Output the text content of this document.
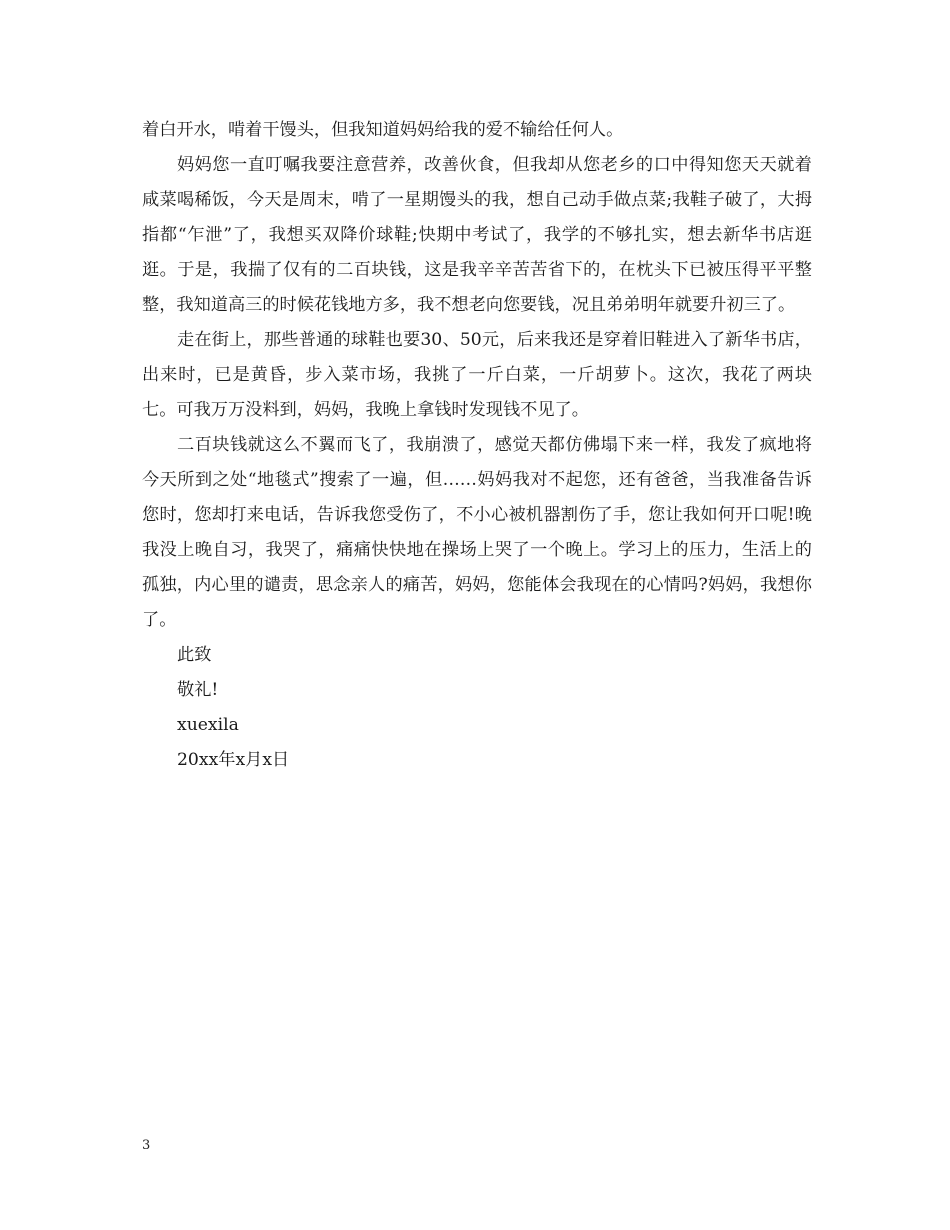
着白开水，啃着干馒头，但我知道妈妈给我的爱不输给任何人。

妈妈您一直叮嘱我要注意营养，改善伙食，但我却从您老乡的口中得知您天天就着咸菜喝稀饭，今天是周末，啃了一星期馒头的我，想自己动手做点菜;我鞋子破了，大拇指都“乍泄”了，我想买双降价球鞋;快期中考试了，我学的不够扎实，想去新华书店逛逛。于是，我揣了仅有的二百块钱，这是我辛辛苦苦省下的，在枕头下已被压得平平整整，我知道高三的时候花钱地方多，我不想老向您要钱，况且弟弟明年就要升初三了。

走在街上，那些普通的球鞋也要30、50元，后来我还是穿着旧鞋进入了新华书店，出来时，已是黄昏，步入菜市场，我挑了一斤白菜，一斤胡萝卜。这次，我花了两块七。可我万万没料到，妈妈，我晚上拿钱时发现钱不见了。

二百块钱就这么不翼而飞了，我崩溃了，感觉天都仿佛塌下来一样，我发了疯地将今天所到之处“地毯式”搜索了一遍，但……妈妈我对不起您，还有爸爸，当我准备告诉您时，您却打来电话，告诉我您受伤了，不小心被机器割伤了手，您让我如何开口呢!晚我没上晚自习，我哭了，痛痛快快地在操场上哭了一个晚上。学习上的压力，生活上的孤独，内心里的谴责，思念亲人的痛苦，妈妈，您能体会我现在的心情吗?妈妈，我想你了。

此致

敬礼!

xuexila

20xx年x月x日

3
